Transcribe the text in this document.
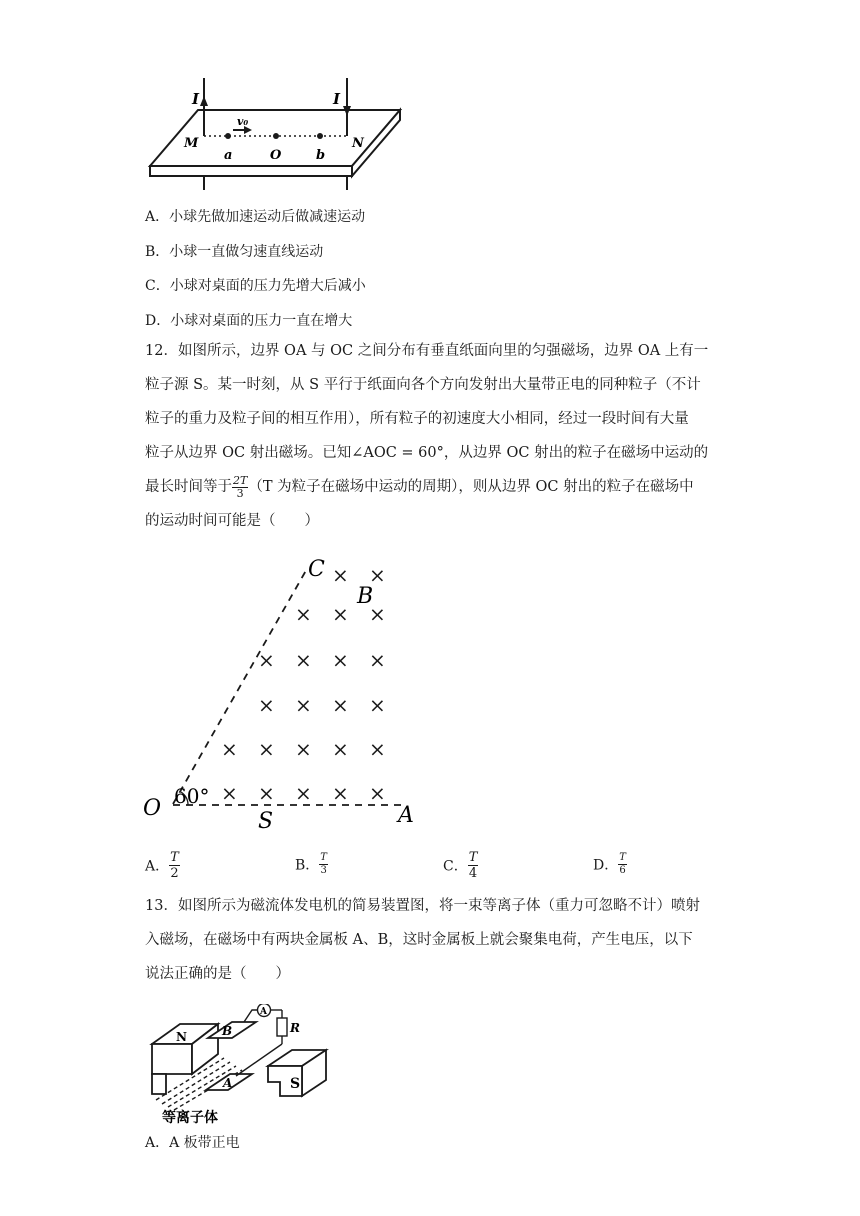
I	I
v₀
M
a	O	b
N
A．小球先做加速运动后做减速运动
B．小球一直做匀速直线运动
C．小球对桌面的压力先增大后减小
D．小球对桌面的压力一直在增大

12．如图所示，边界 OA 与 OC 之间分布有垂直纸面向里的匀强磁场，边界 OA 上有一

粒子源 S。某一时刻，从 S 平行于纸面向各个方向发射出大量带正电的同种粒子（不计

粒子的重力及粒子间的相互作用），所有粒子的初速度大小相同，经过一段时间有大量

粒子从边界 OC 射出磁场。已知∠AOC = 60°，从边界 OC 射出的粒子在磁场中运动的

最长时间等于 $\frac{2T}{3} (T$ 为粒子在磁场中运动的周期），则从边界 OC 射出的粒子在磁场中

的运动时间可能是（　　）

× ×
× × ×
× × × ×
× × × ×
× × × × ×
× × × × ×
C
B
O 60°
S	A
A． $\frac{T}{2}$	B． $\frac{T}{3}$	C． $\frac{T}{4}$	D． $\frac{T}{6}$

13．如图所示为磁流体发电机的简易装置图，将一束等离子体（重力可忽略不计）喷射

入磁场，在磁场中有两块金属板 A、B，这时金属板上就会聚集电荷，产生电压，以下

说法正确的是（　　）

N	B
A
R
A	S
等离子体
A．A 板带正电
